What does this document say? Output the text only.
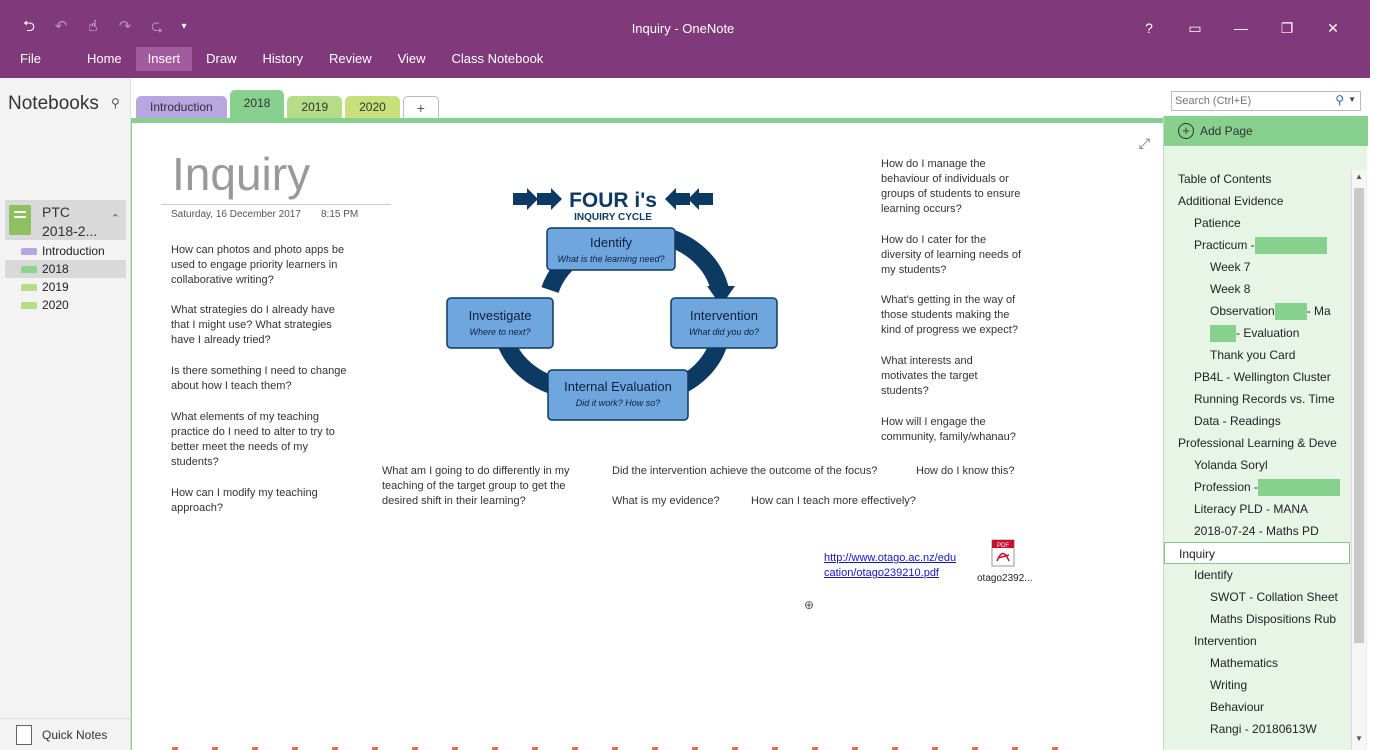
⮌	↶	☝	↷	⮎	▾	Inquiry - OneNote	?	▭	—	❐	✕
File	Home	Insert	Draw	History	Review	View	Class Notebook
Notebooks ⚲
PTC 2018-2...
⌃
Introduction
2018
2019
2020
Quick Notes
Introduction	2018	2019	2020	+
Search (Ctrl+E)	⚲ ▼
⤢
Inquiry
Saturday, 16 December 2017 8:15 PM
How can photos and photo apps be used to engage priority learners in collaborative writing?
What strategies do I already have that I might use? What strategies have I already tried?
Is there something I need to change about how I teach them?
What elements of my teaching practice do I need to alter to try to better meet the needs of my students?
How can I modify my teaching approach?
How do I manage the behaviour of individuals or groups of students to ensure learning occurs?
How do I cater for the diversity of learning needs of my students?
What's getting in the way of those students making the kind of progress we expect?
What interests and motivates the target students?
How will I engage the community, family/whanau?
What am I going to do differently in my teaching of the target group to get the desired shift in their learning?
Did the intervention achieve the outcome of the focus?	How do I know this?
What is my evidence?	How can I teach more effectively?
FOUR i's
INQUIRY CYCLE
Identify
What is the learning need?
Intervention
What did you do?
Internal Evaluation
Did it work? How so?
Investigate
Where to next?
http://www.otago.ac.nz/edu cation/otago239210.pdf
PDF
otago2392...
⊕
+ Add Page
Table of Contents
Additional Evidence
Patience
Practicum -
Week 7
Week 8
Observation	- Ma
- Evaluation
Thank you Card
PB4L - Wellington Cluster
Running Records vs. Time
Data - Readings
Professional Learning & Deve
Yolanda Soryl
Profession -
Literacy PLD - MANA
2018-07-24 - Maths PD
Inquiry
Identify
SWOT - Collation Sheet
Maths Dispositions Rub
Intervention
Mathematics
Writing
Behaviour
Rangi - 20180613W
▲
▼
